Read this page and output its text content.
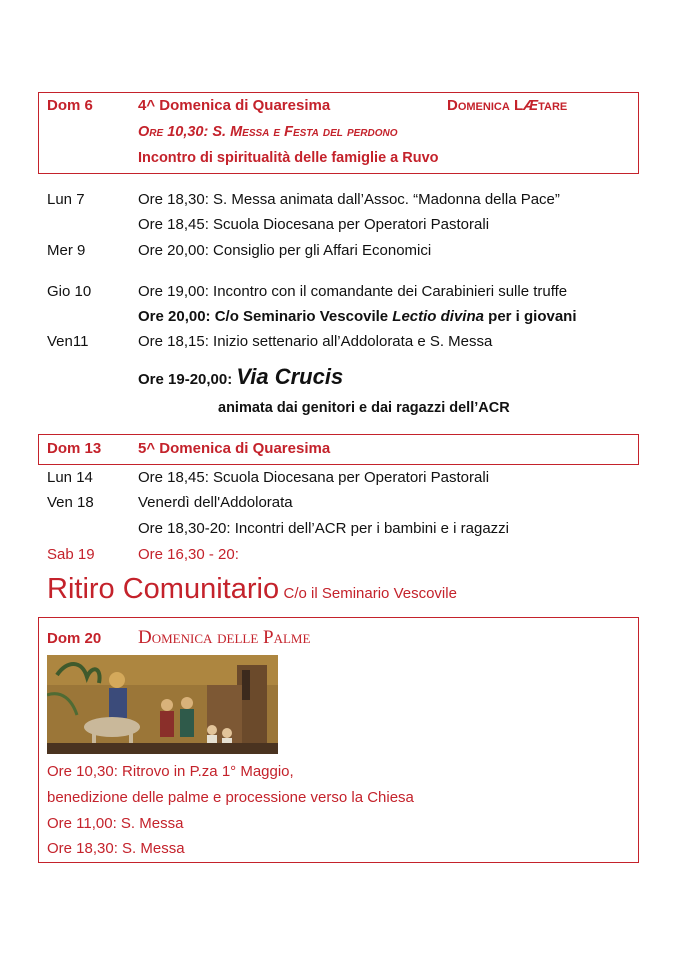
Dom 6	4^ Domenica di Quaresima	Domenica LÆtare
Ore 10,30: S. Messa e Festa del perdono
Incontro di spiritualità delle famiglie a Ruvo
Lun 7	Ore 18,30: S. Messa animata dall’Assoc. “Madonna della Pace”
Ore 18,45: Scuola Diocesana per Operatori Pastorali
Mer 9	Ore 20,00: Consiglio per gli Affari Economici
Gio 10	Ore 19,00: Incontro con il comandante dei Carabinieri sulle truffe
Ore 20,00: C/o Seminario Vescovile Lectio divina per i giovani
Ven11	Ore 18,15: Inizio settenario all’Addolorata e S. Messa
Ore 19-20,00: Via Crucis
animata dai genitori e dai ragazzi dell’ACR
Dom 13 5^ Domenica di Quaresima
Lun 14	Ore 18,45: Scuola Diocesana per Operatori Pastorali
Ven 18	Venerdì dell'Addolorata
Ore 18,30-20: Incontri dell’ACR per i bambini e i ragazzi
Sab 19	Ore 16,30 - 20:
Ritiro Comunitario C/o il Seminario Vescovile
Dom 20 Domenica delle Palme
Ore 10,30: Ritrovo in P.za 1° Maggio,
benedizione delle palme e processione verso la Chiesa
Ore 11,00: S. Messa
Ore 18,30: S. Messa
